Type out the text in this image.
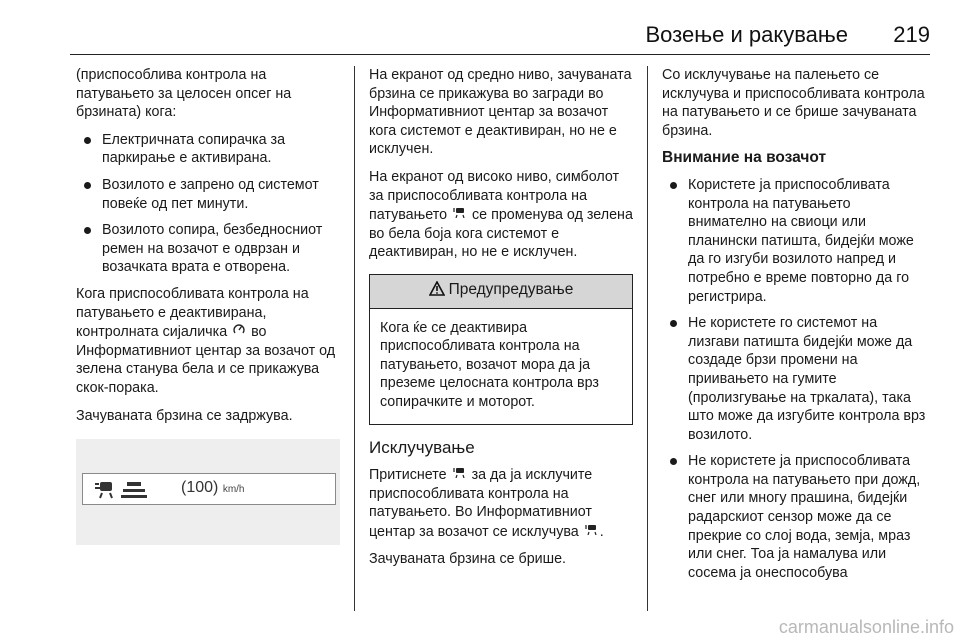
Возење и ракување 219

(приспособлива контрола на патувањето за целосен опсег на брзината) кога:

Електричната сопирачка за паркирање е активирана.
Возилото е запрено од системот повеќе од пет минути.
Возилото сопира, безбедносниот ремен на возачот е одврзан и возачката врата е отворена.

Кога приспособливата контрола на патувањето е деактивирана, контролната сијаличка во Информативниот центар за возачот од зелена станува бела и се прикажува скок-порака.

Зачуваната брзина се задржува.

(100) km/h

На екранот од средно ниво, зачуваната брзина се прикажува во загради во Информативниот центар за возачот кога системот е деактивиран, но не е исклучен.

На екранот од високо ниво, симболот за приспособливата контрола на патувањето се променува од зелена во бела боја кога системот е деактивиран, но не е исклучен.

Предупредување
Кога ќе се деактивира приспособливата контрола на патувањето, возачот мора да ја преземе целосната контрола врз сопирачките и моторот.
Исклучување

Притиснете за да ја исклучите приспособливата контрола на патувањето. Во Информативниот центар за возачот се исклучува .

Зачуваната брзина се брише.

Со исклучување на палењето се исклучува и приспособливата контрола на патувањето и се брише зачуваната брзина.

Внимание на возачот
Користете ја приспособливата контрола на патувањето внимателно на свиоци или планински патишта, бидејќи може да го изгуби возилото напред и потребно е време повторно да го регистрира.
Не користете го системот на лизгави патишта бидејќи може да создаде брзи промени на приивањето на гумите (пролизгување на тркалата), така што може да изгубите контрола врз возилото.
Не користете ја приспособливата контрола на патувањето при дожд, снег или многу прашина, бидејќи радарскиот сензор може да се прекрие со слој вода, земја, мраз или снег. Тоа ја намалува или сосема ја онеспособува
carmanualsonline.info
